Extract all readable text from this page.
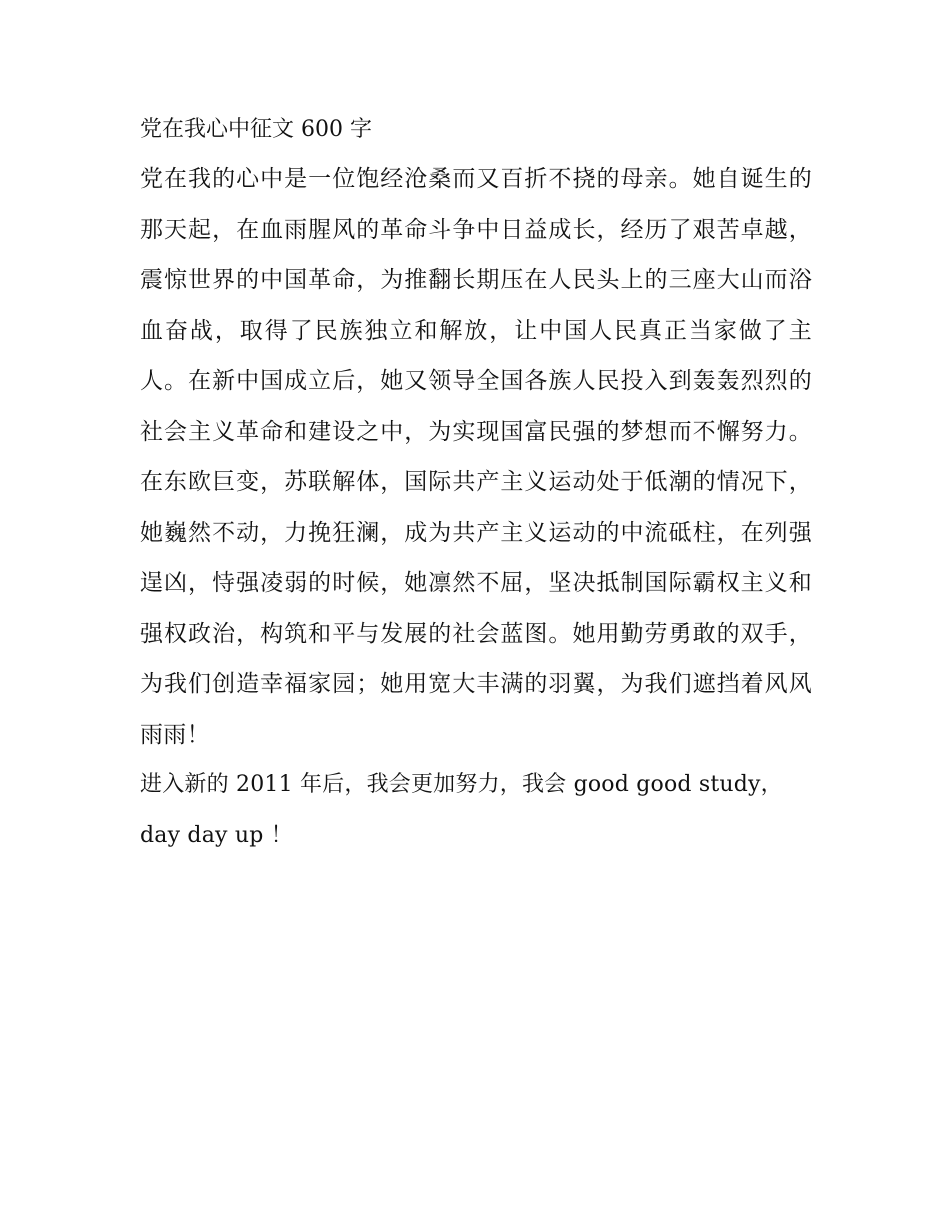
党在我心中征文 600 字

党在我的心中是一位饱经沧桑而又百折不挠的母亲。她自诞生的那天起，在血雨腥风的革命斗争中日益成长，经历了艰苦卓越，震惊世界的中国革命，为推翻长期压在人民头上的三座大山而浴血奋战，取得了民族独立和解放，让中国人民真正当家做了主人。在新中国成立后，她又领导全国各族人民投入到轰轰烈烈的社会主义革命和建设之中，为实现国富民强的梦想而不懈努力。在东欧巨变，苏联解体，国际共产主义运动处于低潮的情况下，她巍然不动，力挽狂澜，成为共产主义运动的中流砥柱，在列强逞凶，恃强凌弱的时候，她凛然不屈，坚决抵制国际霸权主义和强权政治，构筑和平与发展的社会蓝图。她用勤劳勇敢的双手，为我们创造幸福家园；她用宽大丰满的羽翼，为我们遮挡着风风雨雨！

进入新的 2011 年后，我会更加努力，我会 good good study，day day up ！
